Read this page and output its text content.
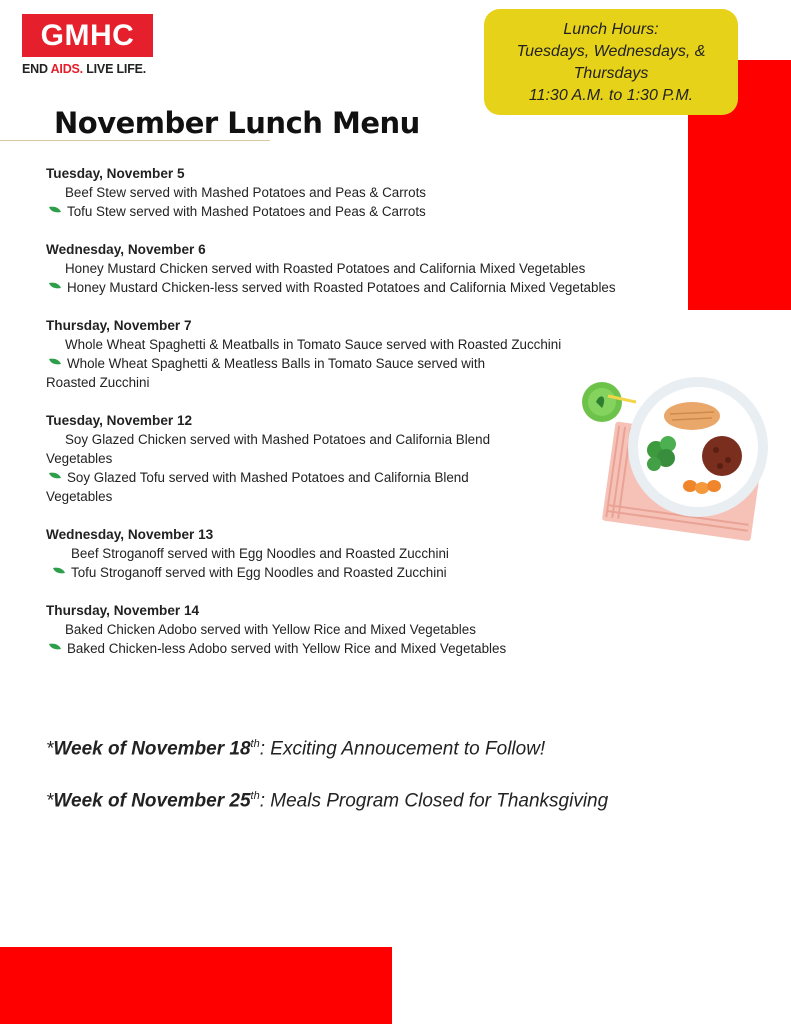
GMHC
END AIDS. LIVE LIFE.
Lunch Hours:
Tuesdays, Wednesdays, &
Thursdays
11:30 A.M. to 1:30 P.M.
November Lunch Menu
Tuesday, November 5
Beef Stew served with Mashed Potatoes and Peas & Carrots
Tofu Stew served with Mashed Potatoes and Peas & Carrots
Wednesday, November 6
Honey Mustard Chicken served with Roasted Potatoes and California Mixed Vegetables
Honey Mustard Chicken-less served with Roasted Potatoes and California Mixed Vegetables
Thursday, November 7
Whole Wheat Spaghetti & Meatballs in Tomato Sauce served with Roasted Zucchini
Whole Wheat Spaghetti & Meatless Balls in Tomato Sauce served with
Roasted Zucchini
Tuesday, November 12
Soy Glazed Chicken served with Mashed Potatoes and California Blend
Vegetables
Soy Glazed Tofu served with Mashed Potatoes and California Blend
Vegetables
Wednesday, November 13
Beef Stroganoff served with Egg Noodles and Roasted Zucchini
Tofu Stroganoff served with Egg Noodles and Roasted Zucchini
Thursday, November 14
Baked Chicken Adobo served with Yellow Rice and Mixed Vegetables
Baked Chicken-less Adobo served with Yellow Rice and Mixed Vegetables
*Week of November 18th: Exciting Annoucement to Follow!
*Week of November 25th: Meals Program Closed for Thanksgiving
